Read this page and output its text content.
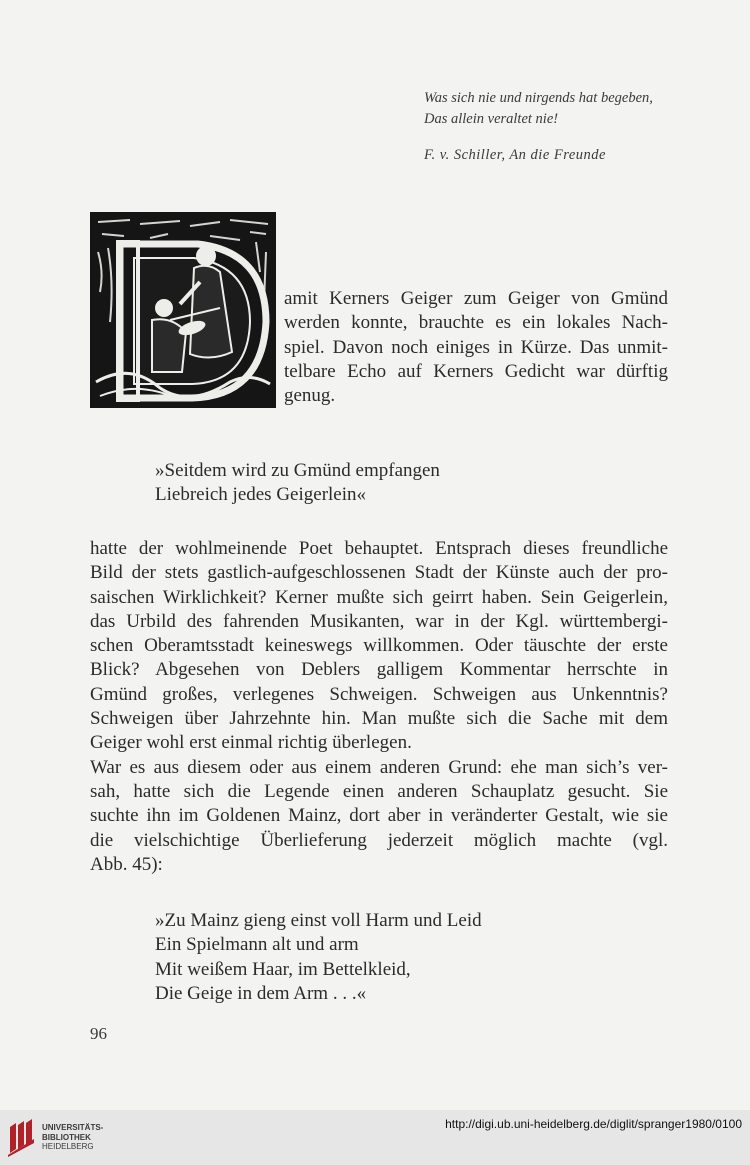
Was sich nie und nirgends hat begeben,
Das allein veraltet nie!
F. v. Schiller, An die Freunde
amit Kerners Geiger zum Geiger von Gmünd
werden konnte, brauchte es ein lokales Nach-
spiel. Davon noch einiges in Kürze. Das unmit-
telbare Echo auf Kerners Gedicht war dürftig
genug.
»Seitdem wird zu Gmünd empfangen
Liebreich jedes Geigerlein«
hatte der wohlmeinende Poet behauptet. Entsprach dieses freundliche
Bild der stets gastlich-aufgeschlossenen Stadt der Künste auch der pro-
saischen Wirklichkeit? Kerner mußte sich geirrt haben. Sein Geigerlein,
das Urbild des fahrenden Musikanten, war in der Kgl. württembergi-
schen Oberamtsstadt keineswegs willkommen. Oder täuschte der erste
Blick? Abgesehen von Deblers galligem Kommentar herrschte in
Gmünd großes, verlegenes Schweigen. Schweigen aus Unkenntnis?
Schweigen über Jahrzehnte hin. Man mußte sich die Sache mit dem
Geiger wohl erst einmal richtig überlegen.
War es aus diesem oder aus einem anderen Grund: ehe man sich’s ver-
sah, hatte sich die Legende einen anderen Schauplatz gesucht. Sie
suchte ihn im Goldenen Mainz, dort aber in veränderter Gestalt, wie sie
die vielschichtige Überlieferung jederzeit möglich machte (vgl.
Abb. 45):
»Zu Mainz gieng einst voll Harm und Leid
Ein Spielmann alt und arm
Mit weißem Haar, im Bettelkleid,
Die Geige in dem Arm . . .«
96
UNIVERSITÄTS-
BIBLIOTHEK
HEIDELBERG
http://digi.ub.uni-heidelberg.de/diglit/spranger1980/0100
